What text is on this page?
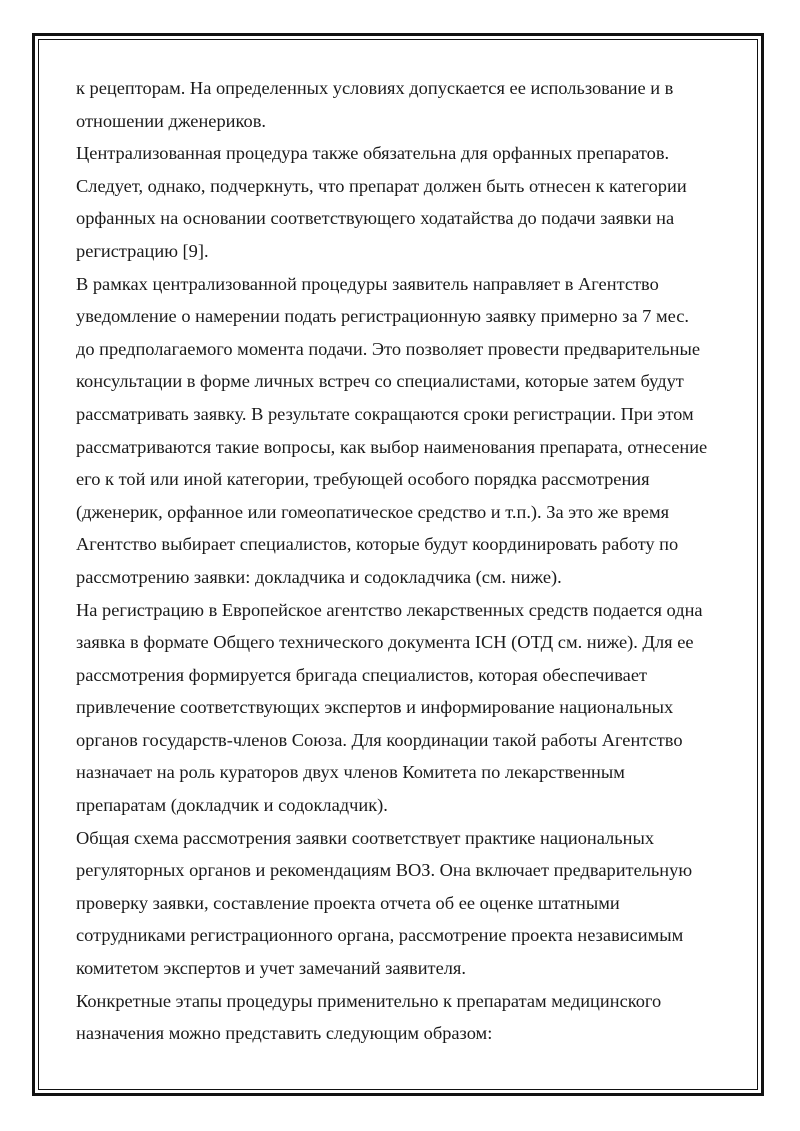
к рецепторам. На определенных условиях допускается ее использование и в
отношении дженериков.

Централизованная процедура также обязательна для орфанных препаратов.
Следует, однако, подчеркнуть, что препарат должен быть отнесен к категории
орфанных на основании соответствующего ходатайства до подачи заявки на
регистрацию [9].

В рамках централизованной процедуры заявитель направляет в Агентство
уведомление о намерении подать регистрационную заявку примерно за 7 мес.
до предполагаемого момента подачи. Это позволяет провести предварительные
консультации в форме личных встреч со специалистами, которые затем будут
рассматривать заявку. В результате сокращаются сроки регистрации. При этом
рассматриваются такие вопросы, как выбор наименования препарата, отнесение
его к той или иной категории, требующей особого порядка рассмотрения
(дженерик, орфанное или гомеопатическое средство и т.п.). За это же время
Агентство выбирает специалистов, которые будут координировать работу по
рассмотрению заявки: докладчика и содокладчика (см. ниже).

На регистрацию в Европейское агентство лекарственных средств подается одна
заявка в формате Общего технического документа ICH (ОТД см. ниже). Для ее
рассмотрения формируется бригада специалистов, которая обеспечивает
привлечение соответствующих экспертов и информирование национальных
органов государств-членов Союза. Для координации такой работы Агентство
назначает на роль кураторов двух членов Комитета по лекарственным
препаратам (докладчик и содокладчик).

Общая схема рассмотрения заявки соответствует практике национальных
регуляторных органов и рекомендациям ВОЗ. Она включает предварительную
проверку заявки, составление проекта отчета об ее оценке штатными
сотрудниками регистрационного органа, рассмотрение проекта независимым
комитетом экспертов и учет замечаний заявителя.

Конкретные этапы процедуры применительно к препаратам медицинского
назначения можно представить следующим образом:
